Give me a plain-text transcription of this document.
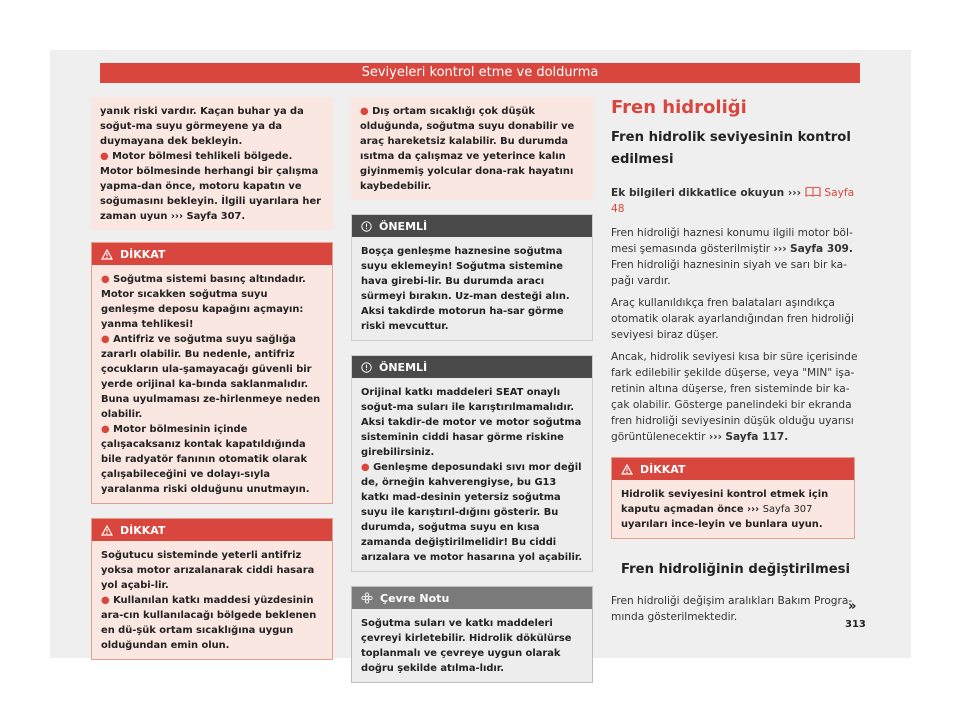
Seviyeleri kontrol etme ve doldurma

yanık riski vardır. Kaçan buhar ya da soğut-ma suyu görmeyene ya da duymayana dek bekleyin.

● Motor bölmesi tehlikeli bölgede. Motor bölmesinde herhangi bir çalışma yapma-dan önce, motoru kapatın ve soğumasını bekleyin. İlgili uyarılara her zaman uyun ››› Sayfa 307.

DİKKAT

● Soğutma sistemi basınç altındadır. Motor sıcakken soğutma suyu genleşme deposu kapağını açmayın: yanma tehlikesi!

● Antifriz ve soğutma suyu sağlığa zararlı olabilir. Bu nedenle, antifriz çocukların ula-şamayacağı güvenli bir yerde orijinal ka-bında saklanmalıdır. Buna uyulmaması ze-hirlenmeye neden olabilir.

● Motor bölmesinin içinde çalışacaksanız kontak kapatıldığında bile radyatör fanının otomatik olarak çalışabileceğini ve dolayı-sıyla yaralanma riski olduğunu unutmayın.

DİKKAT

Soğutucu sisteminde yeterli antifriz yoksa motor arızalanarak ciddi hasara yol açabi-lir.

● Kullanılan katkı maddesi yüzdesinin ara-cın kullanılacağı bölgede beklenen en dü-şük ortam sıcaklığına uygun olduğundan emin olun.

● Dış ortam sıcaklığı çok düşük olduğunda, soğutma suyu donabilir ve araç hareketsiz kalabilir. Bu durumda ısıtma da çalışmaz ve yeterince kalın giyinmemiş yolcular dona-rak hayatını kaybedebilir.

ÖNEMLİ

Boşça genleşme haznesine soğutma suyu eklemeyin! Soğutma sistemine hava girebi-lir. Bu durumda aracı sürmeyi bırakın. Uz-man desteği alın. Aksi takdirde motorun ha-sar görme riski mevcuttur.

ÖNEMLİ

Orijinal katkı maddeleri SEAT onaylı soğut-ma suları ile karıştırılmamalıdır. Aksi takdir-de motor ve motor soğutma sisteminin ciddi hasar görme riskine girebilirsiniz.

● Genleşme deposundaki sıvı mor değil de, örneğin kahverengiyse, bu G13 katkı mad-desinin yetersiz soğutma suyu ile karıştırıl-dığını gösterir. Bu durumda, soğutma suyu en kısa zamanda değiştirilmelidir! Bu ciddi arızalara ve motor hasarına yol açabilir.

Çevre Notu

Soğutma suları ve katkı maddeleri çevreyi kirletebilir. Hidrolik dökülürse toplanmalı ve çevreye uygun olarak doğru şekilde atılma-lıdır.

Fren hidroliği
Fren hidrolik seviyesinin kontrol edilmesi

Ek bilgileri dikkatlice okuyun ››› Sayfa 48

Fren hidroliği haznesi konumu ilgili motor böl-mesi şemasında gösterilmiştir ››› Sayfa 309. Fren hidroliği haznesinin siyah ve sarı bir ka-pağı vardır.

Araç kullanıldıkça fren balataları aşındıkça otomatik olarak ayarlandığından fren hidroliği seviyesi biraz düşer.

Ancak, hidrolik seviyesi kısa bir süre içerisinde fark edilebilir şekilde düşerse, veya "MIN" işa-retinin altına düşerse, fren sisteminde bir ka-çak olabilir. Gösterge panelindeki bir ekranda fren hidroliği seviyesinin düşük olduğu uyarısı görüntülenecektir ››› Sayfa 117.

DİKKAT

Hidrolik seviyesini kontrol etmek için kaputu açmadan önce ››› Sayfa 307 uyarıları ince-leyin ve bunlara uyun.

Fren hidroliğinin değiştirilmesi

Fren hidroliği değişim aralıkları Bakım Progra-mında gösterilmektedir.

»
313
